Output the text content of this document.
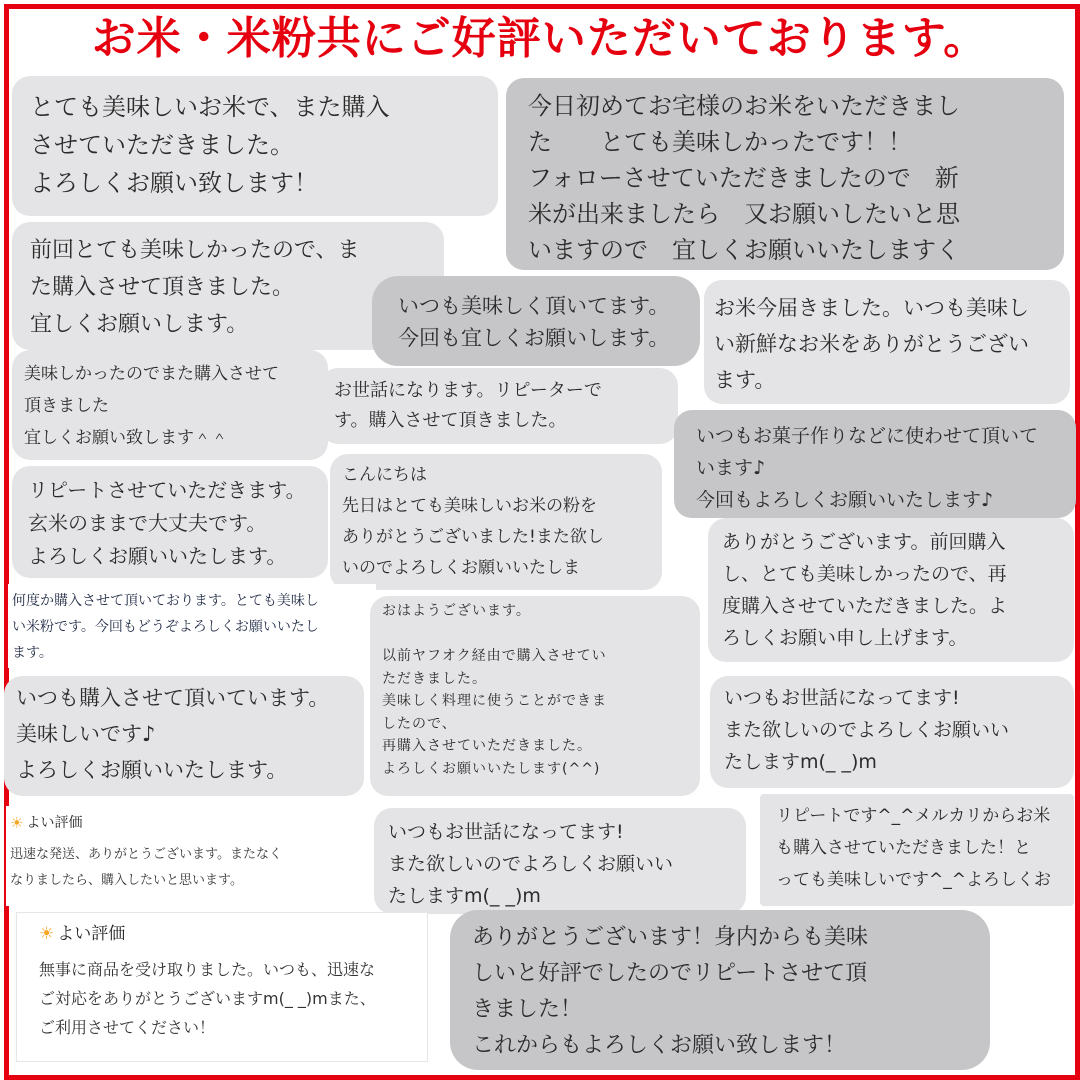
お米・米粉共にご好評いただいております。
とても美味しいお米で、また購入
させていただきました。
よろしくお願い致します！
今日初めてお宅様のお米をいただきまし
た　　とても美味しかったです！！
フォローさせていただきましたので　新
米が出来ましたら　又お願いしたいと思
いますので　宜しくお願いいたしますく
前回とても美味しかったので、ま
た購入させて頂きました。
宜しくお願いします。
いつも美味しく頂いてます。
今回も宜しくお願いします。
お米今届きました。いつも美味し
い新鮮なお米をありがとうござい
ます。
美味しかったのでまた購入させて
頂きました
宜しくお願い致します＾＾
お世話になります。リピーターで
す。購入させて頂きました。
いつもお菓子作りなどに使わせて頂いて
います♪
今回もよろしくお願いいたします♪
リピートさせていただきます。
玄米のままで大丈夫です。
よろしくお願いいたします。
こんにちは
先日はとても美味しいお米の粉を
ありがとうございました!また欲し
いのでよろしくお願いいたしま
ありがとうございます。前回購入
し、とても美味しかったので、再
度購入させていただきました。よ
ろしくお願い申し上げます。
何度か購入させて頂いております。とても美味し
い米粉です。今回もどうぞよろしくお願いいたし
ます。
おはようございます。

以前ヤフオク経由で購入させてい
ただきました。
美味しく料理に使うことができま
したので、
再購入させていただきました。
よろしくお願いいたします(^^)
いつも購入させて頂いています。
美味しいです♪
よろしくお願いいたします。
いつもお世話になってます!
また欲しいのでよろしくお願いい
たしますm(_ _)m
いつもお世話になってます!
また欲しいのでよろしくお願いい
たしますm(_ _)m
リピートです^_^メルカリからお米
も購入させていただきました！と
っても美味しいです^_^よろしくお
☀ よい評価
迅速な発送、ありがとうございます。またなく
なりましたら、購入したいと思います。
☀ よい評価
無事に商品を受け取りました。いつも、迅速な
ご対応をありがとうございますm(_ _)mまた、
ご利用させてください！
ありがとうございます！身内からも美味
しいと好評でしたのでリピートさせて頂
きました！
これからもよろしくお願い致します！
